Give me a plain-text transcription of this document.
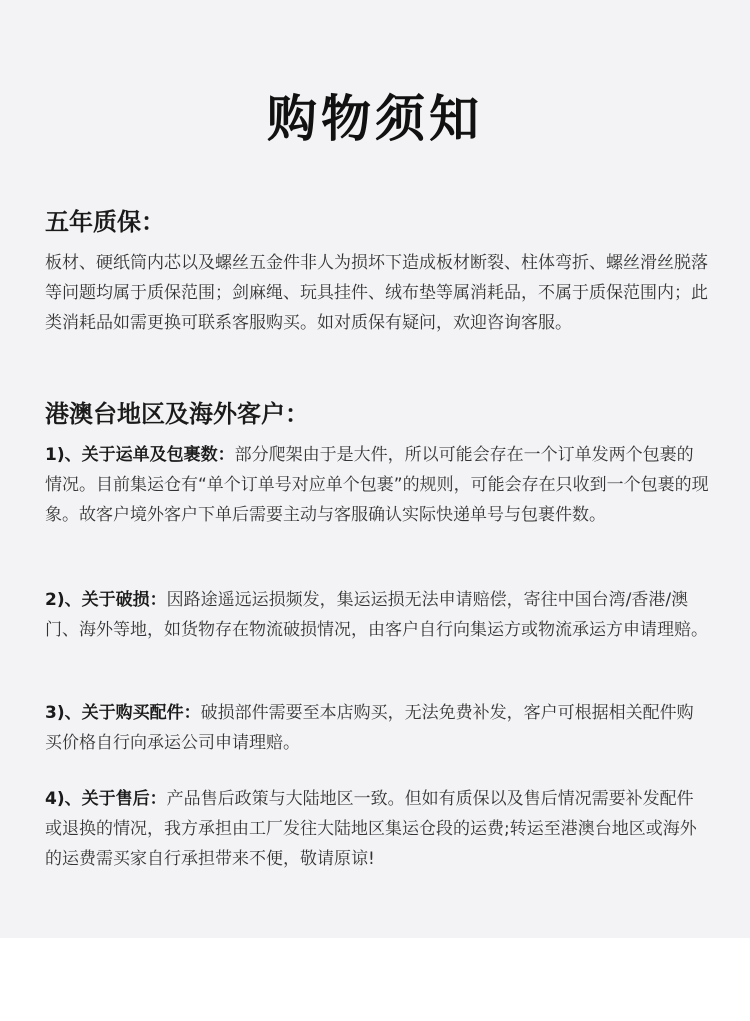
购物须知
五年质保：
板材、硬纸筒内芯以及螺丝五金件非人为损坏下造成板材断裂、柱体弯折、螺丝滑丝脱落等问题均属于质保范围；剑麻绳、玩具挂件、绒布垫等属消耗品，不属于质保范围内；此类消耗品如需更换可联系客服购买。如对质保有疑问，欢迎咨询客服。
港澳台地区及海外客户：
1)、关于运单及包裹数：部分爬架由于是大件，所以可能会存在一个订单发两个包裹的情况。目前集运仓有“单个订单号对应单个包裹”的规则，可能会存在只收到一个包裹的现象。故客户境外客户下单后需要主动与客服确认实际快递单号与包裹件数。
2)、关于破损：因路途遥远运损频发，集运运损无法申请赔偿，寄往中国台湾/香港/澳门、海外等地，如货物存在物流破损情况，由客户自行向集运方或物流承运方申请理赔。
3)、关于购买配件：破损部件需要至本店购买，无法免费补发，客户可根据相关配件购买价格自行向承运公司申请理赔。
4)、关于售后：产品售后政策与大陆地区一致。但如有质保以及售后情况需要补发配件或退换的情况，我方承担由工厂发往大陆地区集运仓段的运费;转运至港澳台地区或海外的运费需买家自行承担带来不便，敬请原谅!
